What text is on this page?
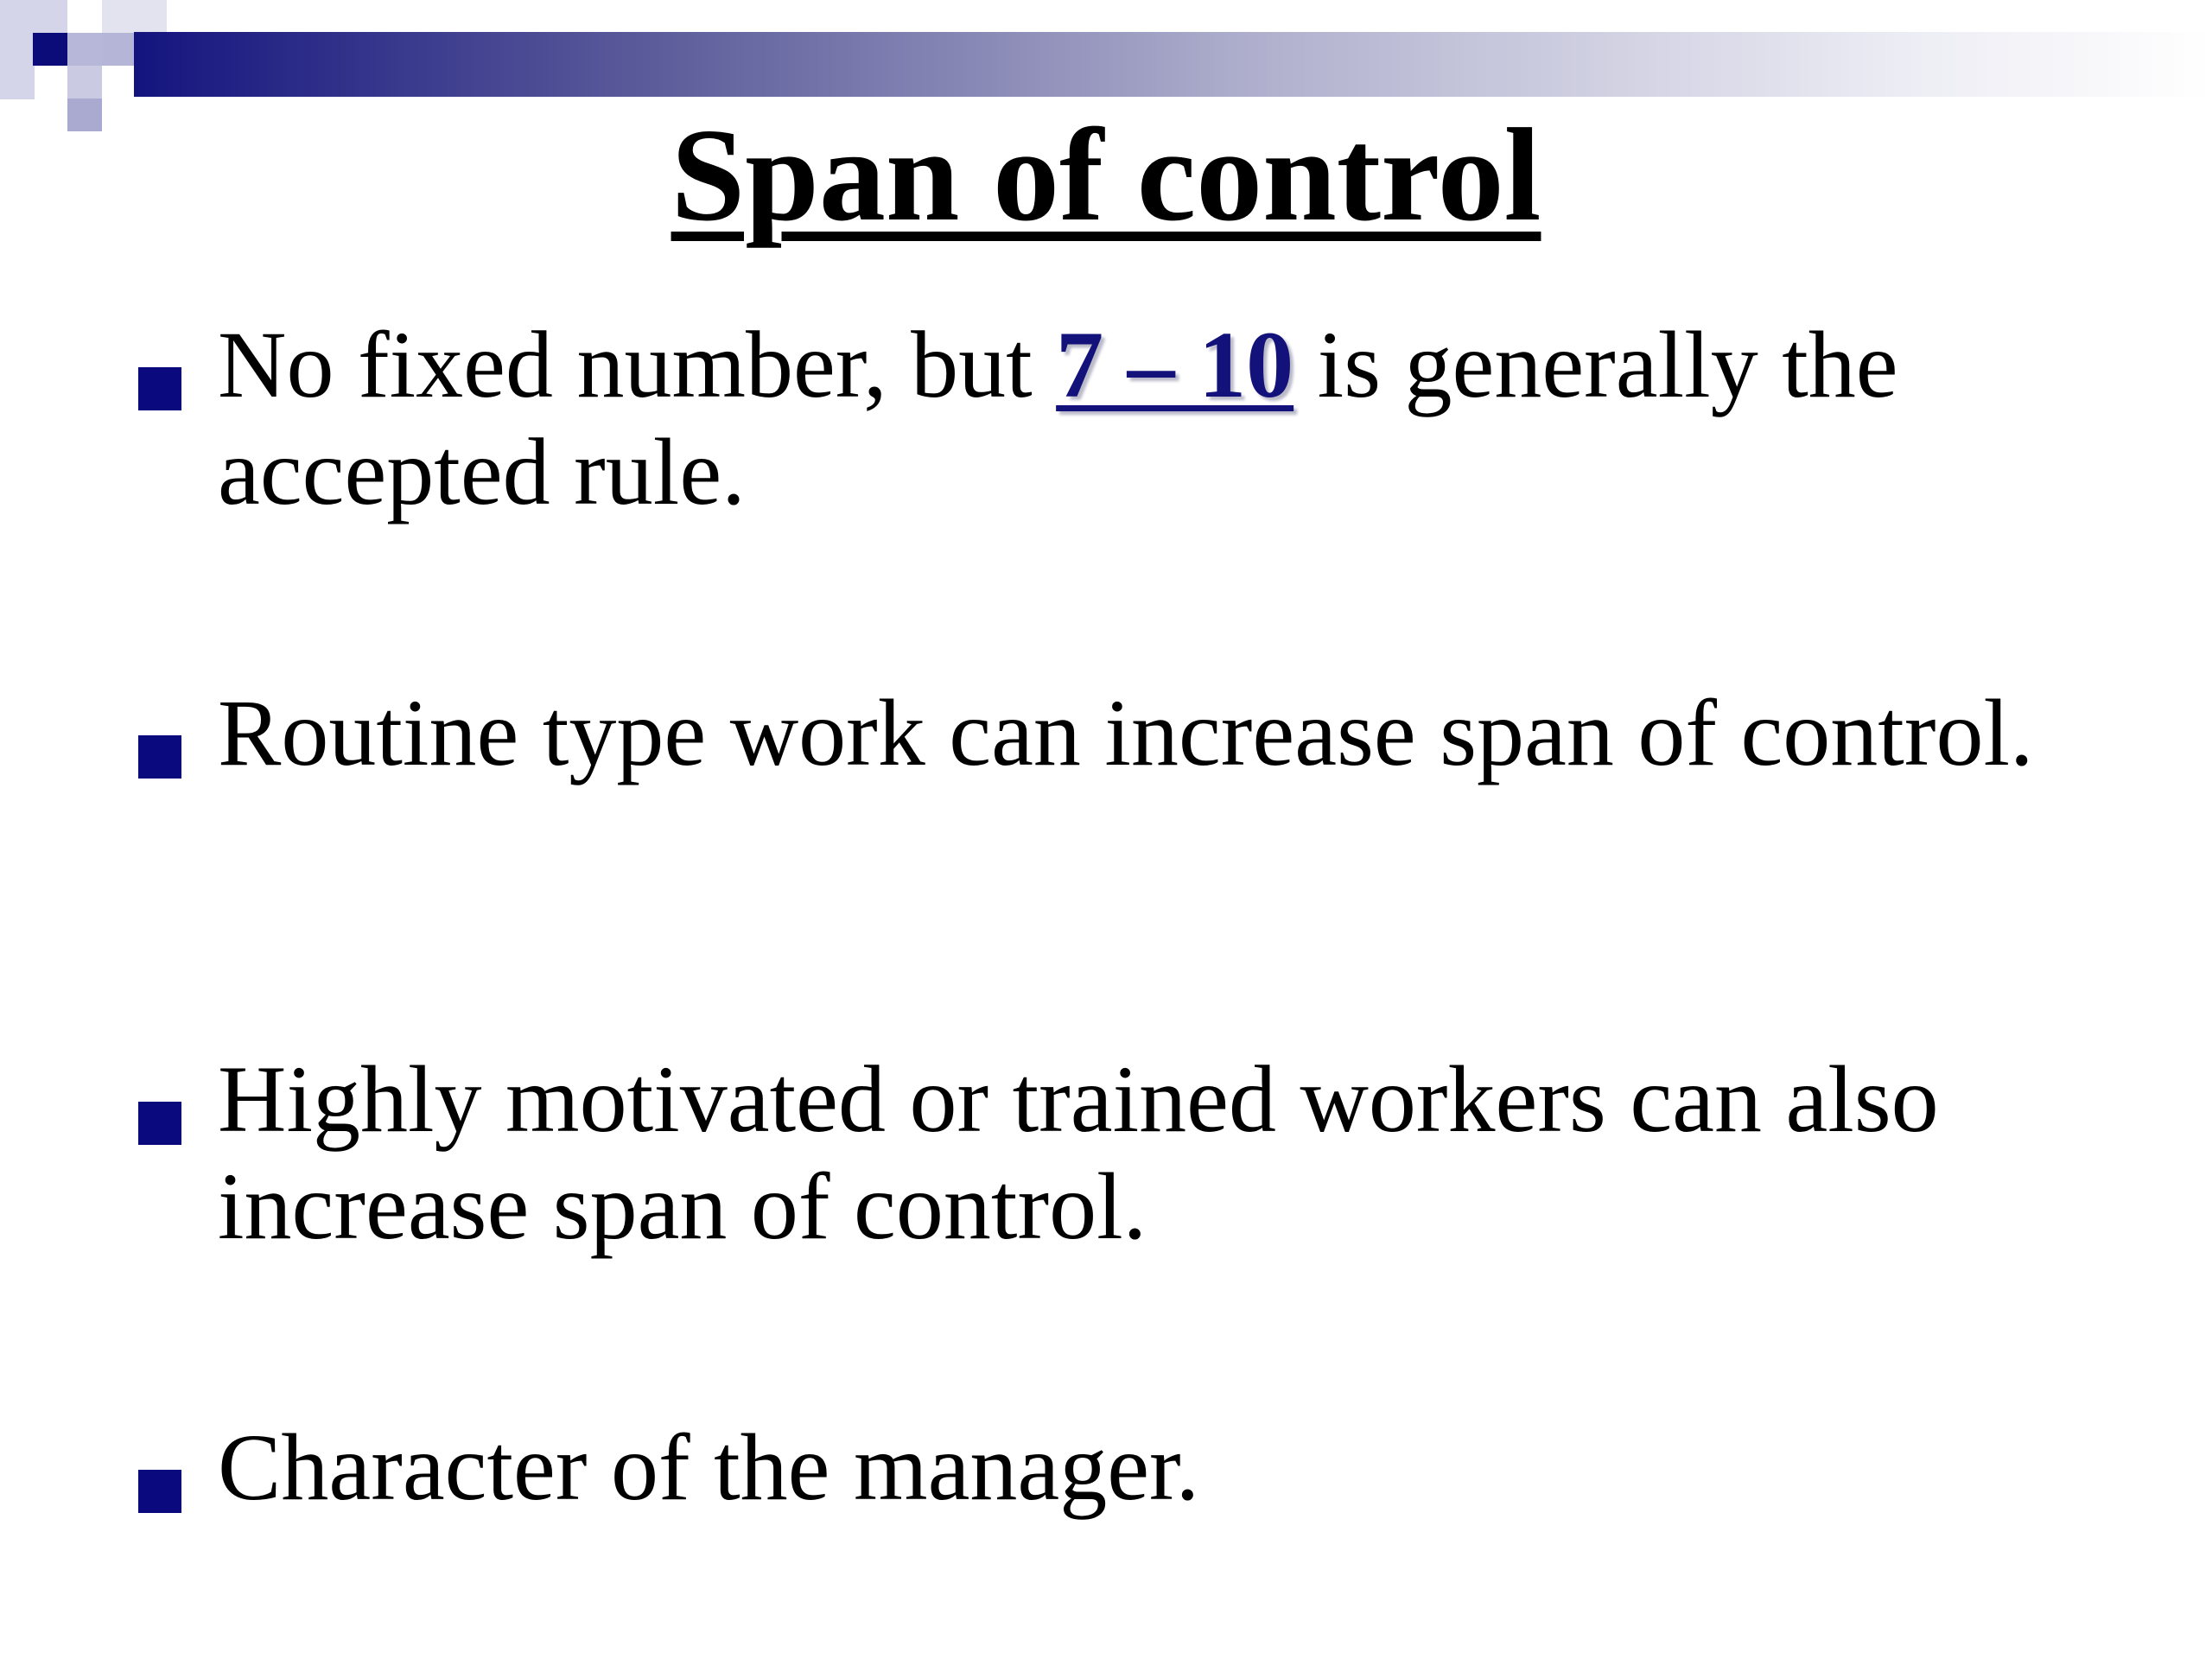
Span of control
No fixed number, but 7 – 10 is generally the accepted rule.
Routine type work can increase span of control.
Highly motivated or trained workers can also increase span of control.
Character of the manager.
